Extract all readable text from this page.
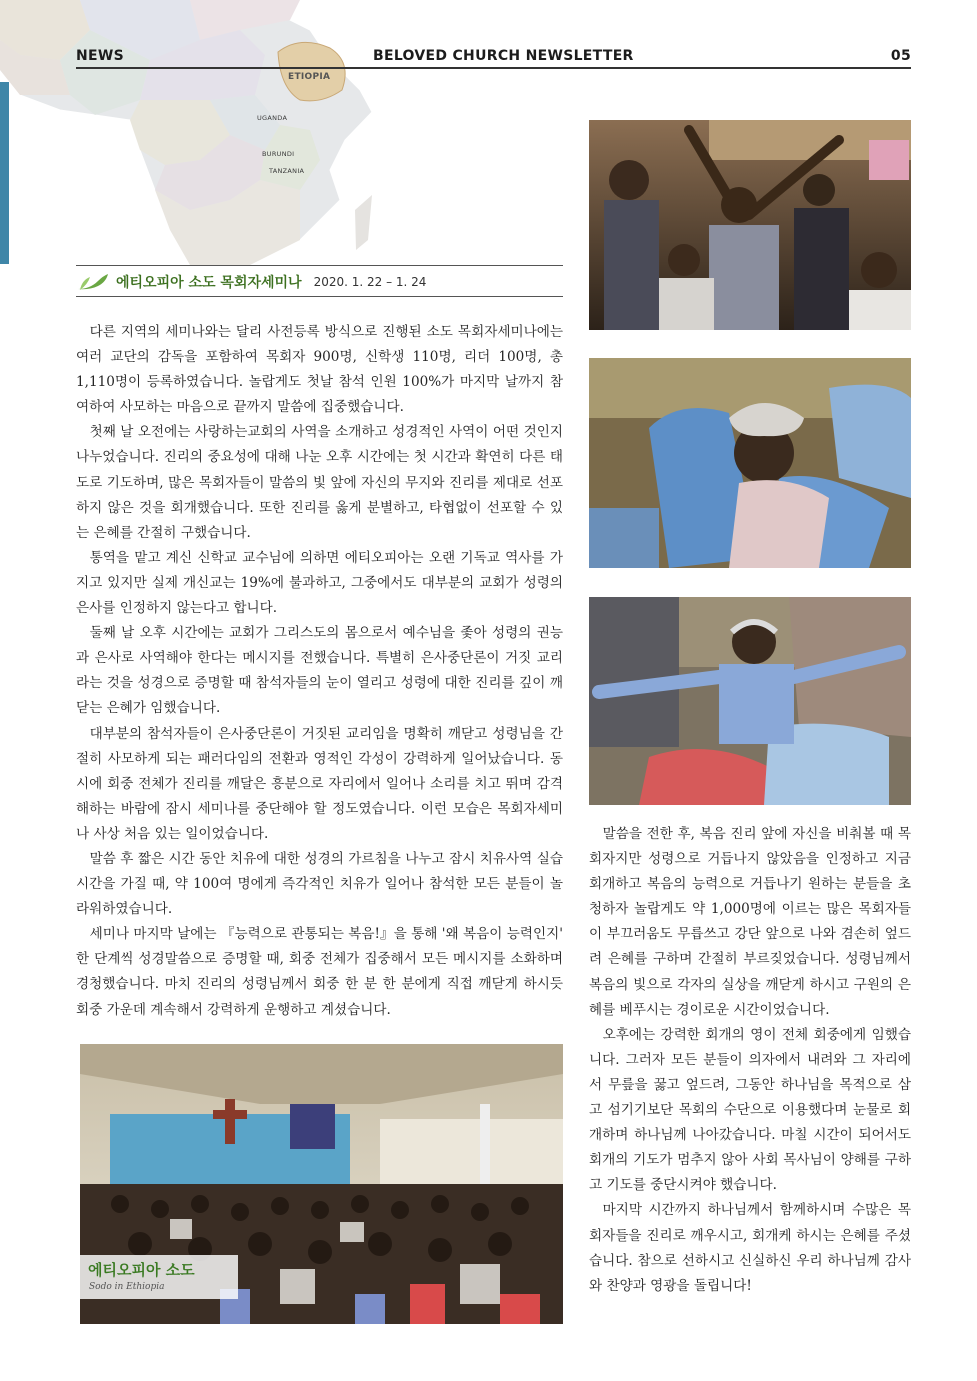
ETIOPIA
UGANDA
BURUNDI
TANZANIA
NEWS	BELOVED CHURCH NEWSLETTER	05
에티오피아 소도 목회자세미나 2020. 1. 22 – 1. 24

다른 지역의 세미나와는 달리 사전등록 방식으로 진행된 소도 목회자세미나에는 여러 교단의 감독을 포함하여 목회자 900명, 신학생 110명, 리더 100명, 총 1,110명이 등록하였습니다. 놀랍게도 첫날 참석 인원 100%가 마지막 날까지 참여하여 사모하는 마음으로 끝까지 말씀에 집중했습니다.

첫째 날 오전에는 사랑하는교회의 사역을 소개하고 성경적인 사역이 어떤 것인지 나누었습니다. 진리의 중요성에 대해 나눈 오후 시간에는 첫 시간과 확연히 다른 태도로 기도하며, 많은 목회자들이 말씀의 빛 앞에 자신의 무지와 진리를 제대로 선포하지 않은 것을 회개했습니다. 또한 진리를 옳게 분별하고, 타협없이 선포할 수 있는 은혜를 간절히 구했습니다.

통역을 맡고 계신 신학교 교수님에 의하면 에티오피아는 오랜 기독교 역사를 가지고 있지만 실제 개신교는 19%에 불과하고, 그중에서도 대부분의 교회가 성령의 은사를 인정하지 않는다고 합니다.

둘째 날 오후 시간에는 교회가 그리스도의 몸으로서 예수님을 좇아 성령의 권능과 은사로 사역해야 한다는 메시지를 전했습니다. 특별히 은사중단론이 거짓 교리라는 것을 성경으로 증명할 때 참석자들의 눈이 열리고 성령에 대한 진리를 깊이 깨닫는 은혜가 임했습니다.

대부분의 참석자들이 은사중단론이 거짓된 교리임을 명확히 깨닫고 성령님을 간절히 사모하게 되는 패러다임의 전환과 영적인 각성이 강력하게 일어났습니다. 동시에 회중 전체가 진리를 깨달은 흥분으로 자리에서 일어나 소리를 치고 뛰며 감격해하는 바람에 잠시 세미나를 중단해야 할 정도였습니다. 이런 모습은 목회자세미나 사상 처음 있는 일이었습니다.

말씀 후 짧은 시간 동안 치유에 대한 성경의 가르침을 나누고 잠시 치유사역 실습시간을 가질 때, 약 100여 명에게 즉각적인 치유가 일어나 참석한 모든 분들이 놀라워하였습니다.

세미나 마지막 날에는 『능력으로 관통되는 복음!』을 통해 '왜 복음이 능력인지' 한 단계씩 성경말씀으로 증명할 때, 회중 전체가 집중해서 모든 메시지를 소화하며 경청했습니다. 마치 진리의 성령님께서 회중 한 분 한 분에게 직접 깨닫게 하시듯 회중 가운데 계속해서 강력하게 운행하고 계셨습니다.

말씀을 전한 후, 복음 진리 앞에 자신을 비춰볼 때 목회자지만 성령으로 거듭나지 않았음을 인정하고 지금 회개하고 복음의 능력으로 거듭나기 원하는 분들을 초청하자 놀랍게도 약 1,000명에 이르는 많은 목회자들이 부끄러움도 무릅쓰고 강단 앞으로 나와 겸손히 엎드려 은혜를 구하며 간절히 부르짖었습니다. 성령님께서 복음의 빛으로 각자의 실상을 깨닫게 하시고 구원의 은혜를 베푸시는 경이로운 시간이었습니다.

오후에는 강력한 회개의 영이 전체 회중에게 임했습니다. 그러자 모든 분들이 의자에서 내려와 그 자리에서 무릎을 꿇고 엎드려, 그동안 하나님을 목적으로 삼고 섬기기보단 목회의 수단으로 이용했다며 눈물로 회개하며 하나님께 나아갔습니다. 마칠 시간이 되어서도 회개의 기도가 멈추지 않아 사회 목사님이 양해를 구하고 기도를 중단시켜야 했습니다.

마지막 시간까지 하나님께서 함께하시며 수많은 목회자들을 진리로 깨우시고, 회개케 하시는 은혜를 주셨습니다. 참으로 선하시고 신실하신 우리 하나님께 감사와 찬양과 영광을 돌립니다!

에티오피아 소도
Sodo in Ethiopia
